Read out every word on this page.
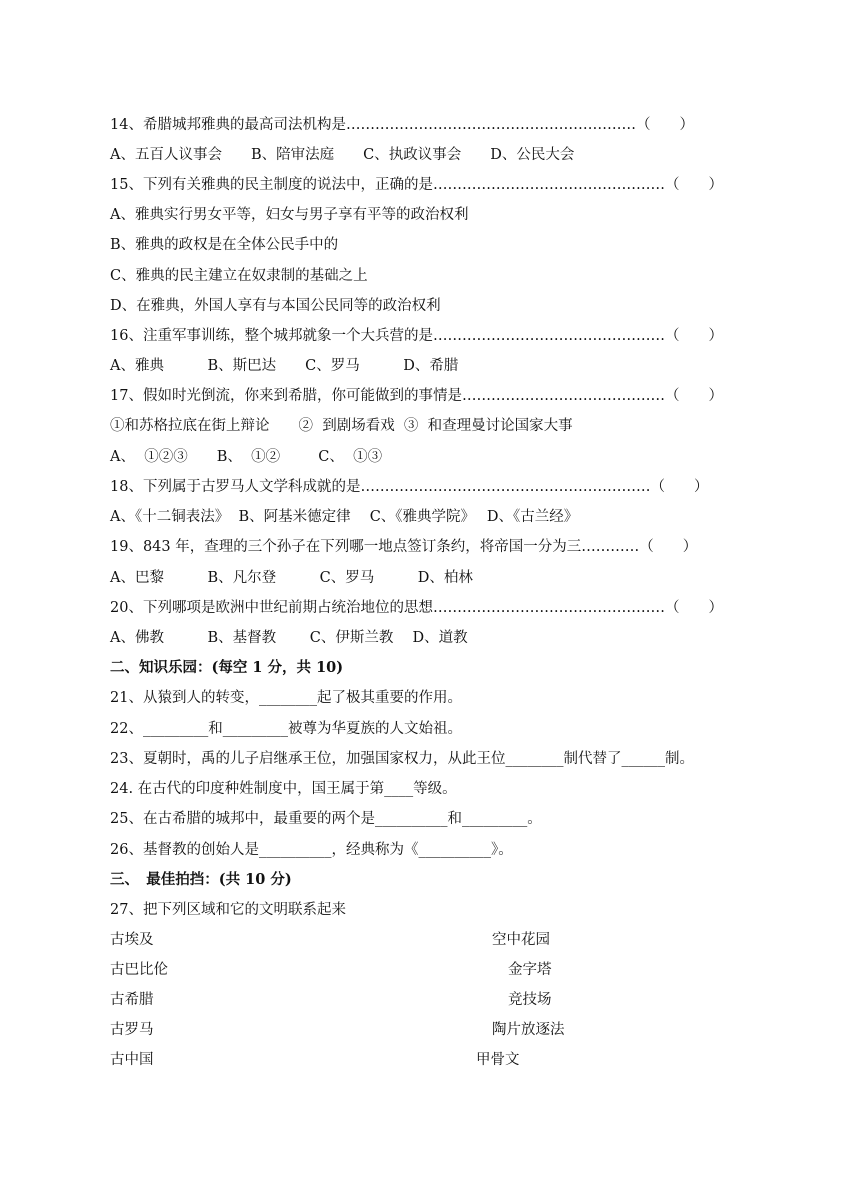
14、希腊城邦雅典的最高司法机构是……………………………………………………（　　）
A、五百人议事会　　B、陪审法庭　　C、执政议事会　　D、公民大会
15、下列有关雅典的民主制度的说法中，正确的是…………………………………………（　　）
A、雅典实行男女平等，妇女与男子享有平等的政治权利
B、雅典的政权是在全体公民手中的
C、雅典的民主建立在奴隶制的基础之上
D、在雅典，外国人享有与本国公民同等的政治权利
16、注重军事训练，整个城邦就象一个大兵营的是…………………………………………（　　）
A、雅典　　　B、斯巴达　　C、罗马　　　D、希腊
17、假如时光倒流，你来到希腊，你可能做到的事情是……………………………………（　　）
①和苏格拉底在街上辩论　　②  到剧场看戏  ③  和查理曼讨论国家大事
A、  ①②③　　B、  ①②　　  C、  ①③
18、下列属于古罗马人文学科成就的是……………………………………………………（　　）
A、《十二铜表法》  B、阿基米德定律　 C、《雅典学院》　 D、《古兰经》
19、843 年，查理的三个孙子在下列哪一地点签订条约，将帝国一分为三…………（　　）
A、巴黎　　　B、凡尔登　　　C、罗马　　　D、柏林
20、下列哪项是欧洲中世纪前期占统治地位的思想…………………………………………（　　）
A、佛教　　　B、基督教　　 C、伊斯兰教　 D、道教
二、知识乐园：(每空 1 分，共 10)
21、从猿到人的转变，________起了极其重要的作用。
22、_________和_________被尊为华夏族的人文始祖。
23、夏朝时，禹的儿子启继承王位，加强国家权力，从此王位________制代替了______制。
24. 在古代的印度种姓制度中，国王属于第____等级。
25、在古希腊的城邦中，最重要的两个是__________和_________。
26、基督教的创始人是__________，经典称为《__________》。
三、　最佳拍挡：(共 10 分)
27、把下列区域和它的文明联系起来
古埃及	空中花园
古巴比伦	金字塔
古希腊	竞技场
古罗马	陶片放逐法
古中国	甲骨文
